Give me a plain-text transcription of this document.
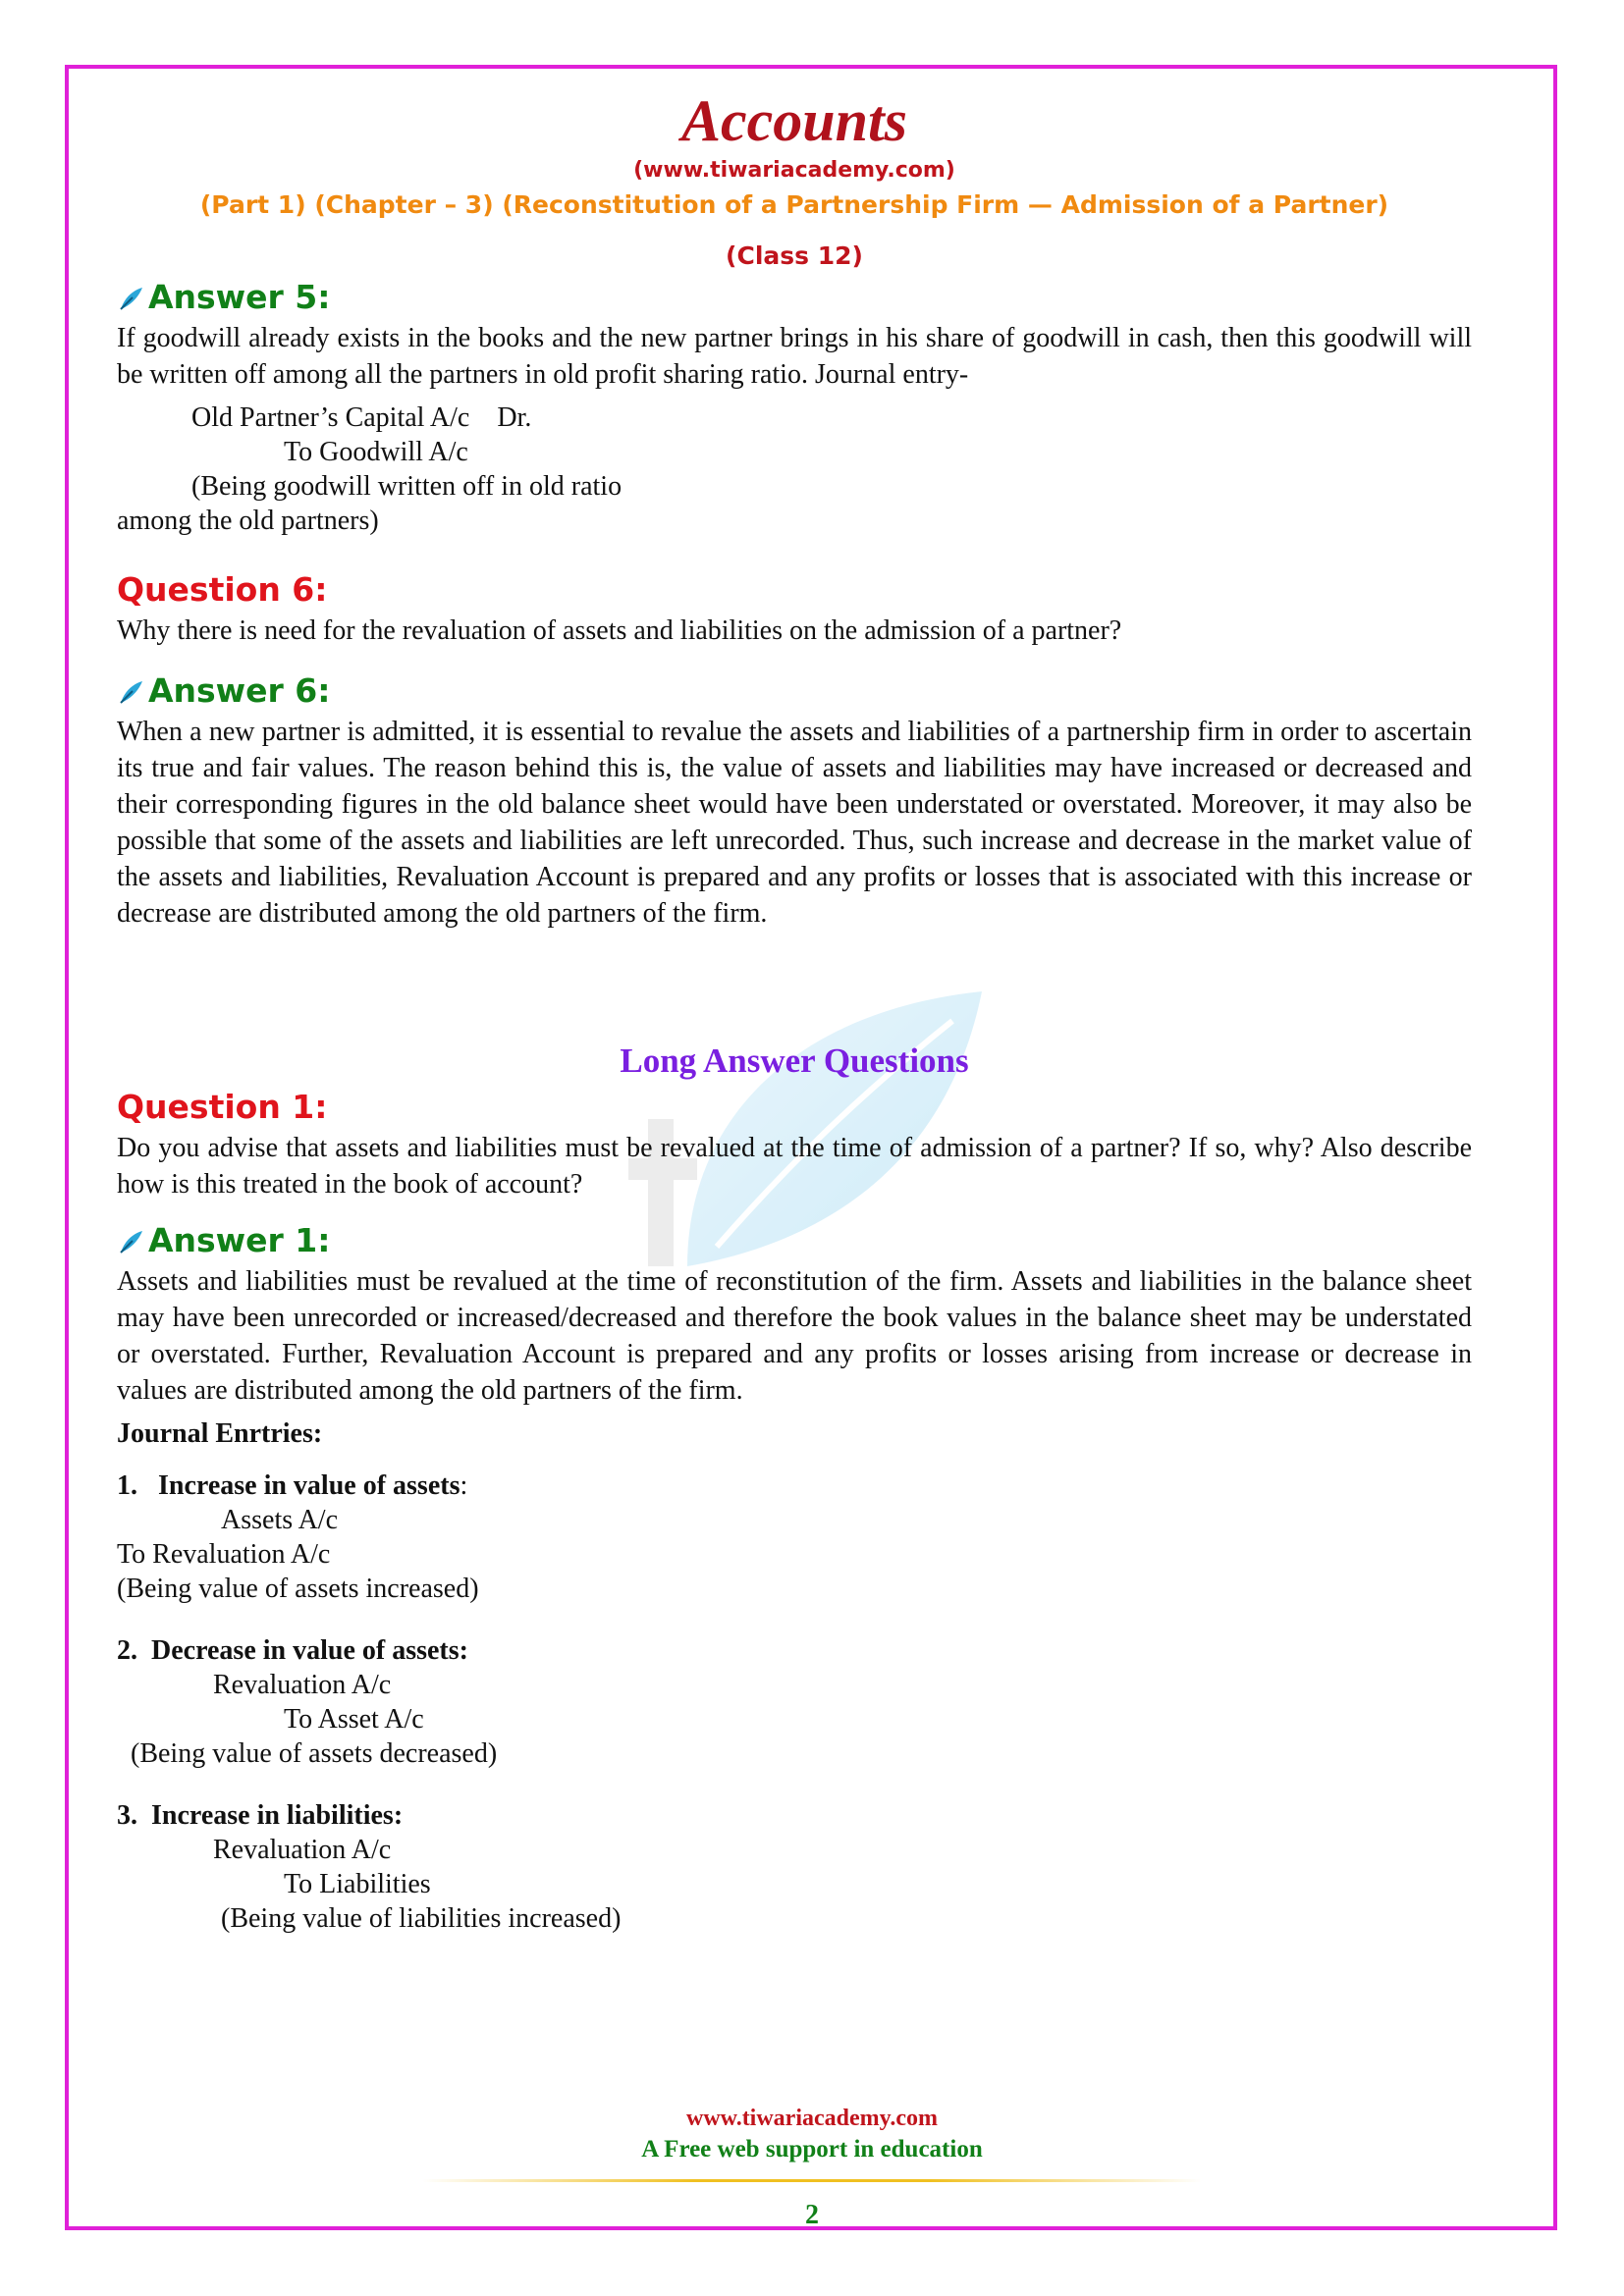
Accounts
(www.tiwariacademy.com)
(Part 1) (Chapter – 3) (Reconstitution of a Partnership Firm — Admission of a Partner)
(Class 12)
Answer 5:

If goodwill already exists in the books and the new partner brings in his share of goodwill in cash, then this goodwill will be written off among all the partners in old profit sharing ratio. Journal entry-

Old Partner’s Capital A/c    Dr.
To Goodwill A/c
(Being goodwill written off in old ratio
among the old partners)
Question 6:

Why there is need for the revaluation of assets and liabilities on the admission of a partner?

Answer 6:

When a new partner is admitted, it is essential to revalue the assets and liabilities of a partnership firm in order to ascertain its true and fair values. The reason behind this is, the value of assets and liabilities may have increased or decreased and their corresponding figures in the old balance sheet would have been understated or overstated. Moreover, it may also be possible that some of the assets and liabilities are left unrecorded. Thus, such increase and decrease in the market value of the assets and liabilities, Revaluation Account is prepared and any profits or losses that is associated with this increase or decrease are distributed among the old partners of the firm.

Long Answer Questions
Question 1:

Do you advise that assets and liabilities must be revalued at the time of admission of a partner? If so, why? Also describe how is this treated in the book of account?

Answer 1:

Assets and liabilities must be revalued at the time of reconstitution of the firm. Assets and liabilities in the balance sheet may have been unrecorded or increased/decreased and therefore the book values in the balance sheet may be understated or overstated. Further, Revaluation Account is prepared and any profits or losses arising from increase or decrease in values are distributed among the old partners of the firm.

Journal Enrtries:
1.   Increase in value of assets:
Assets A/c
To Revaluation A/c
(Being value of assets increased)
2.  Decrease in value of assets:
Revaluation A/c
To Asset A/c
(Being value of assets decreased)
3.  Increase in liabilities:
Revaluation A/c
To Liabilities
(Being value of liabilities increased)
www.tiwariacademy.com
A Free web support in education
2
